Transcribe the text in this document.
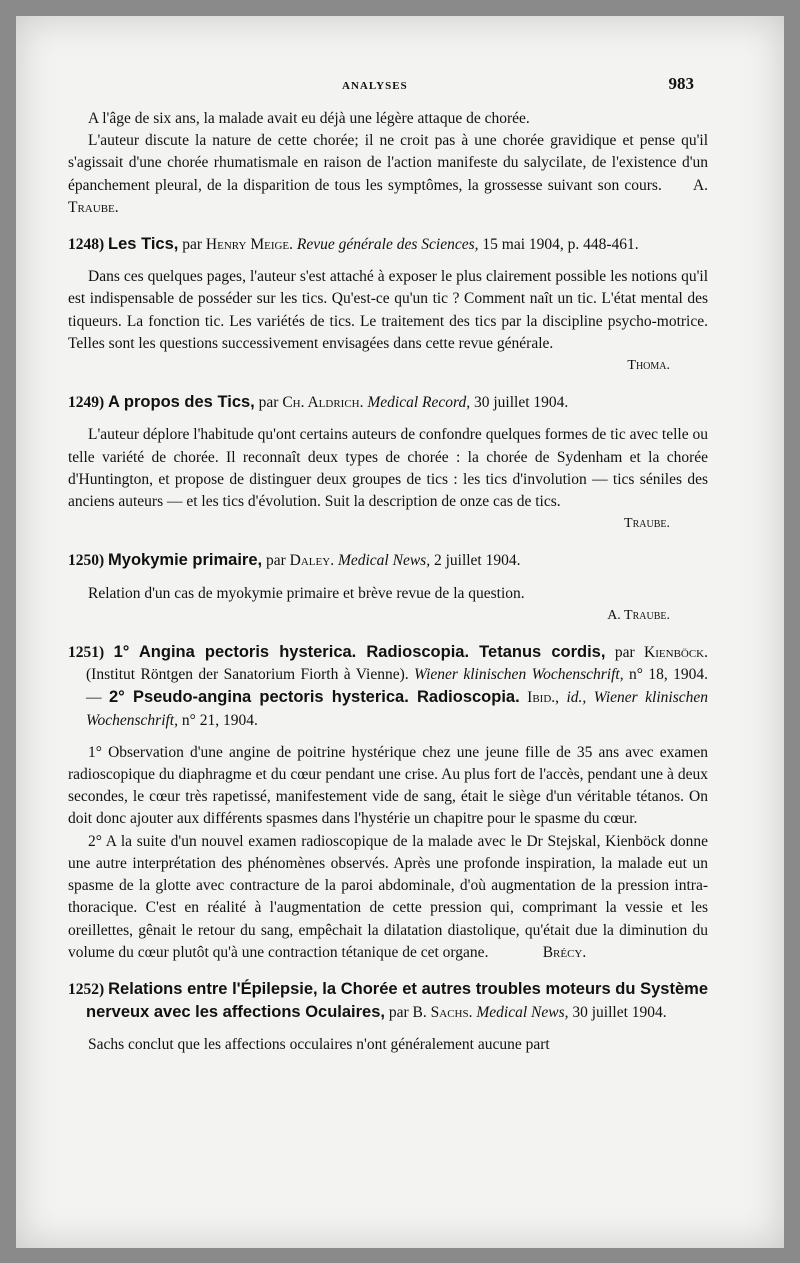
ANALYSES	983

A l'âge de six ans, la malade avait eu déjà une légère attaque de chorée.

L'auteur discute la nature de cette chorée; il ne croit pas à une chorée gravidique et pense qu'il s'agissait d'une chorée rhumatismale en raison de l'action manifeste du salycilate, de l'existence d'un épanchement pleural, de la disparition de tous les symptômes, la grossesse suivant son cours. A. Traube.

1248) Les Tics, par Henry Meige. Revue générale des Sciences, 15 mai 1904, p. 448-461.

Dans ces quelques pages, l'auteur s'est attaché à exposer le plus clairement possible les notions qu'il est indispensable de posséder sur les tics. Qu'est-ce qu'un tic ? Comment naît un tic. L'état mental des tiqueurs. La fonction tic. Les variétés de tics. Le traitement des tics par la discipline psycho-motrice. Telles sont les questions successivement envisagées dans cette revue générale.

Thoma.

1249) A propos des Tics, par Ch. Aldrich. Medical Record, 30 juillet 1904.

L'auteur déplore l'habitude qu'ont certains auteurs de confondre quelques formes de tic avec telle ou telle variété de chorée. Il reconnaît deux types de chorée : la chorée de Sydenham et la chorée d'Huntington, et propose de distinguer deux groupes de tics : les tics d'involution — tics séniles des anciens auteurs — et les tics d'évolution. Suit la description de onze cas de tics.

Traube.

1250) Myokymie primaire, par Daley. Medical News, 2 juillet 1904.

Relation d'un cas de myokymie primaire et brève revue de la question.

A. Traube.

1251) 1° Angina pectoris hysterica. Radioscopia. Tetanus cordis, par Kienböck. (Institut Röntgen der Sanatorium Fiorth à Vienne). Wiener klinischen Wochenschrift, n° 18, 1904. — 2° Pseudo-angina pectoris hysterica. Radioscopia. Ibid., id., Wiener klinischen Wochenschrift, n° 21, 1904.

1° Observation d'une angine de poitrine hystérique chez une jeune fille de 35 ans avec examen radioscopique du diaphragme et du cœur pendant une crise. Au plus fort de l'accès, pendant une à deux secondes, le cœur très rapetissé, manifestement vide de sang, était le siège d'un véritable tétanos. On doit donc ajouter aux différents spasmes dans l'hystérie un chapitre pour le spasme du cœur.

2° A la suite d'un nouvel examen radioscopique de la malade avec le Dr Stejskal, Kienböck donne une autre interprétation des phénomènes observés. Après une profonde inspiration, la malade eut un spasme de la glotte avec contracture de la paroi abdominale, d'où augmentation de la pression intra-thoracique. C'est en réalité à l'augmentation de cette pression qui, comprimant la vessie et les oreillettes, gênait le retour du sang, empêchait la dilatation diastolique, qu'était due la diminution du volume du cœur plutôt qu'à une contraction tétanique de cet organe.	Brécy.

1252) Relations entre l'Épilepsie, la Chorée et autres troubles moteurs du Système nerveux avec les affections Oculaires, par B. Sachs. Medical News, 30 juillet 1904.

Sachs conclut que les affections occulaires n'ont généralement aucune part
